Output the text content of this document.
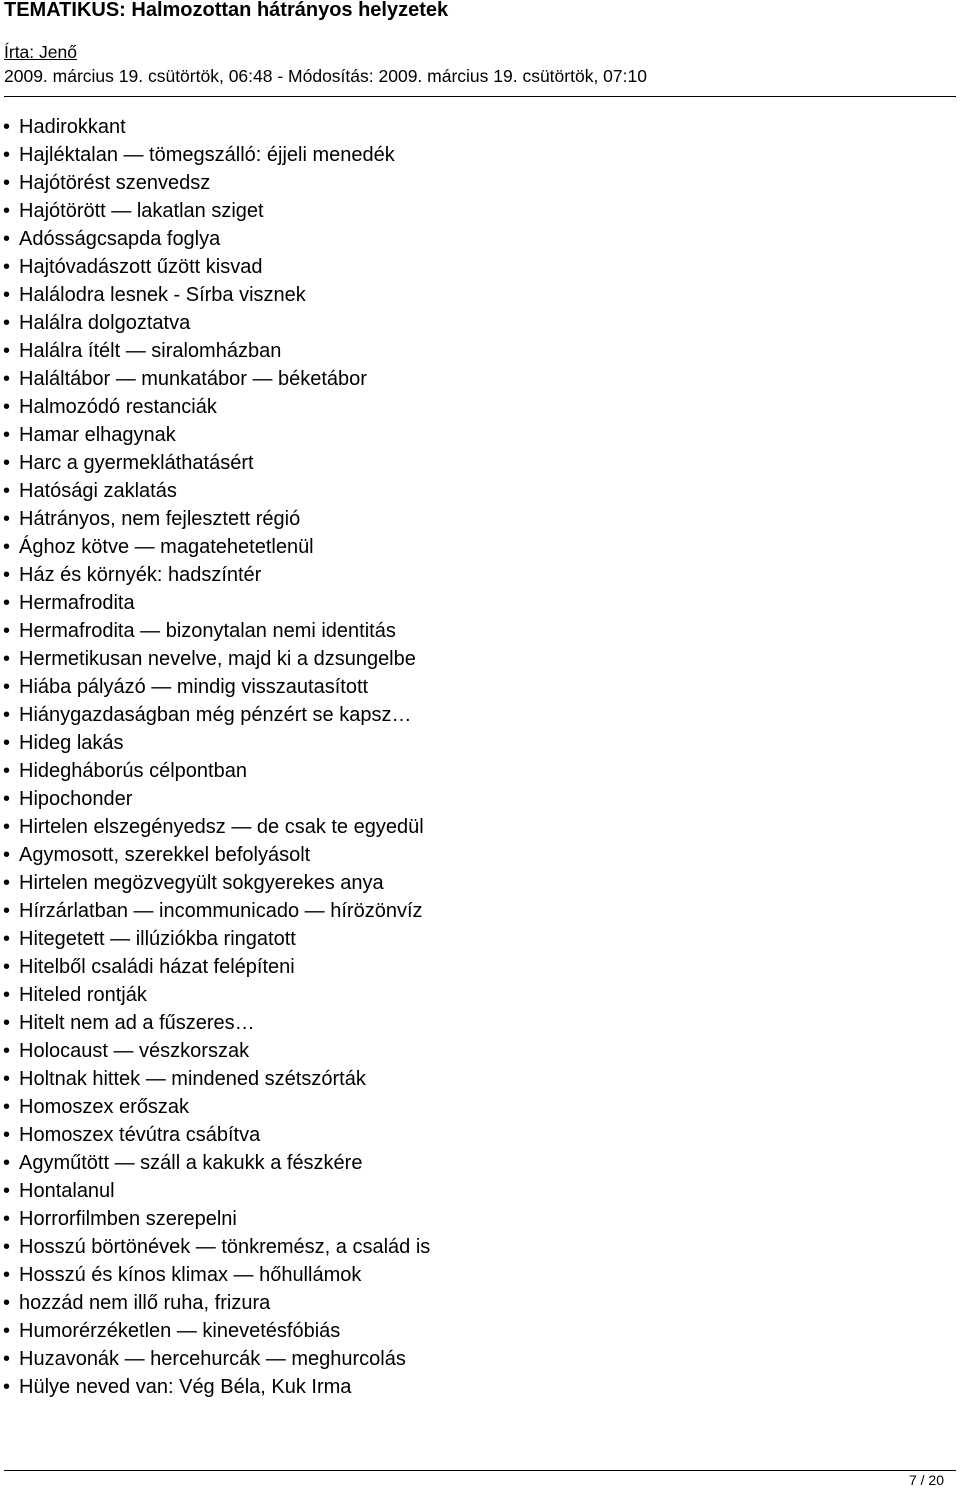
TEMATIKUS: Halmozottan hátrányos helyzetek
Írta: Jenő
2009. március 19. csütörtök, 06:48 - Módosítás: 2009. március 19. csütörtök, 07:10
• Hadirokkant
• Hajléktalan — tömegszálló: éjjeli menedék
• Hajótörést szenvedsz
• Hajótörött — lakatlan sziget
• Adósságcsapda foglya
• Hajtóvadászott űzött kisvad
• Halálodra lesnek - Sírba visznek
• Halálra dolgoztatva
• Halálra ítélt — siralomházban
• Haláltábor — munkatábor — béketábor
• Halmozódó restanciák
• Hamar elhagynak
• Harc a gyermekláthatásért
• Hatósági zaklatás
• Hátrányos, nem fejlesztett régió
• Ághoz kötve — magatehetetlenül
• Ház és környék: hadszíntér
• Hermafrodita
• Hermafrodita — bizonytalan nemi identitás
• Hermetikusan nevelve, majd ki a dzsungelbe
• Hiába pályázó — mindig visszautasított
• Hiánygazdaságban még pénzért se kapsz…
• Hideg lakás
• Hidegháborús célpontban
• Hipochonder
• Hirtelen elszegényedsz — de csak te egyedül
• Agymosott, szerekkel befolyásolt
• Hirtelen megözvegyült sokgyerekes anya
• Hírzárlatban — incommunicado — hírözönvíz
• Hitegetett — illúziókba ringatott
• Hitelből családi házat felépíteni
• Hiteled rontják
• Hitelt nem ad a fűszeres…
• Holocaust — vészkorszak
• Holtnak hittek — mindened szétszórták
• Homoszex erőszak
• Homoszex tévútra csábítva
• Agyműtött — száll a kakukk a fészkére
• Hontalanul
• Horrorfilmben szerepelni
• Hosszú börtönévek — tönkremész, a család is
• Hosszú és kínos klimax — hőhullámok
• hozzád nem illő ruha, frizura
• Humorérzéketlen — kinevetésfóbiás
• Huzavonák — hercehurcák — meghurcolás
• Hülye neved van: Vég Béla, Kuk Irma
7 / 20
